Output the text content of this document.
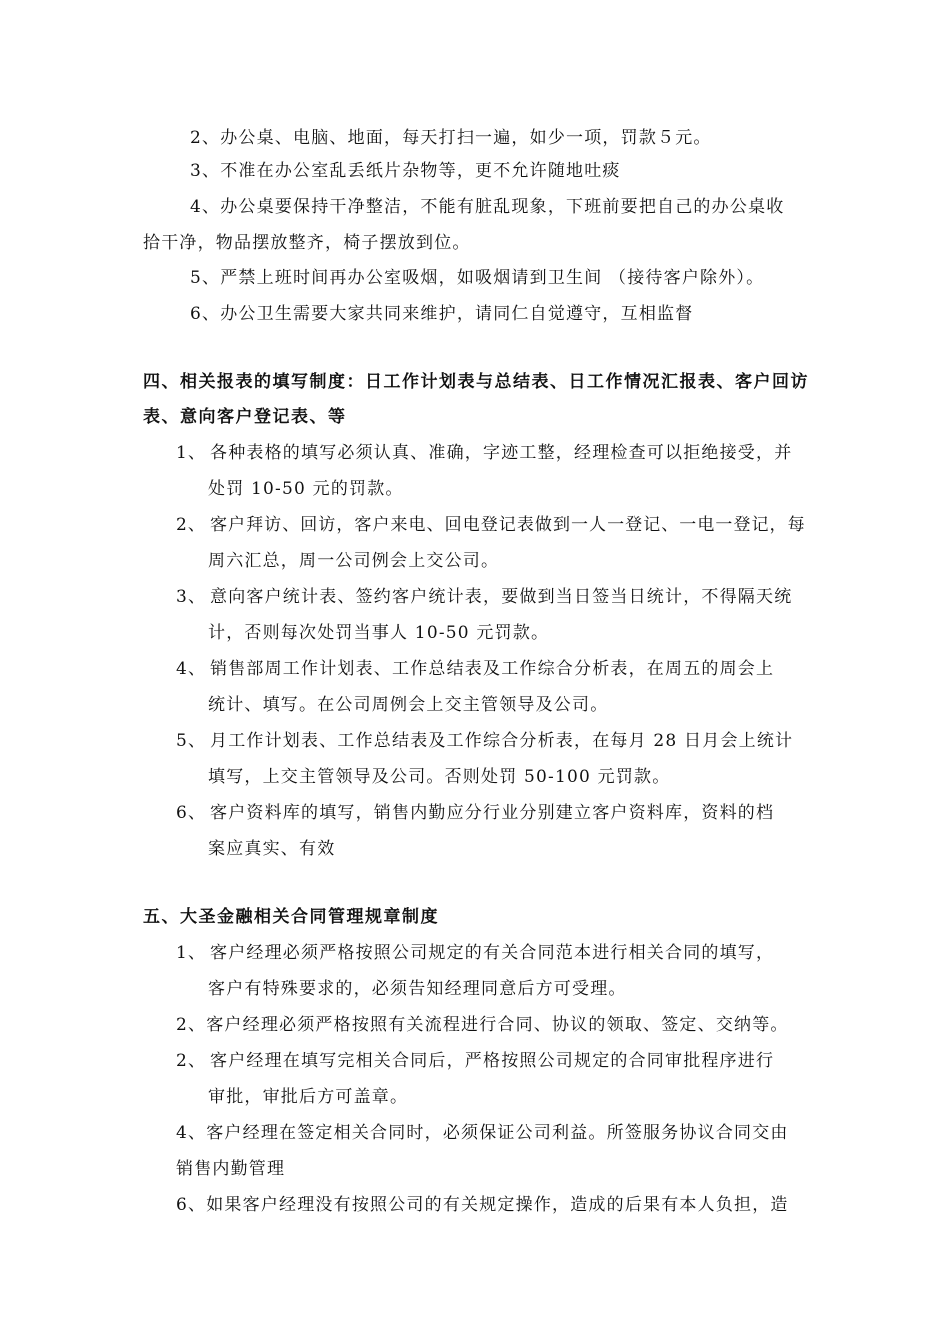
2、办公桌、电脑、地面，每天打扫一遍，如少一项，罚款５元。
3、不准在办公室乱丢纸片杂物等，更不允许随地吐痰
4、办公桌要保持干净整洁，不能有脏乱现象，下班前要把自己的办公桌收
拾干净，物品摆放整齐，椅子摆放到位。
5、严禁上班时间再办公室吸烟，如吸烟请到卫生间 （接待客户除外）。
6、办公卫生需要大家共同来维护，请同仁自觉遵守，互相监督
四、相关报表的填写制度：日工作计划表与总结表、日工作情况汇报表、客户回访
表、意向客户登记表、等
1、 各种表格的填写必须认真、准确，字迹工整，经理检查可以拒绝接受，并
处罚 10-50 元的罚款。
2、 客户拜访、回访，客户来电、回电登记表做到一人一登记、一电一登记，每
周六汇总，周一公司例会上交公司。
3、 意向客户统计表、签约客户统计表，要做到当日签当日统计，不得隔天统
计，否则每次处罚当事人 10-50 元罚款。
4、 销售部周工作计划表、工作总结表及工作综合分析表，在周五的周会上
统计、填写。在公司周例会上交主管领导及公司。
5、 月工作计划表、工作总结表及工作综合分析表，在每月 28 日月会上统计
填写，上交主管领导及公司。否则处罚 50-100 元罚款。
6、 客户资料库的填写，销售内勤应分行业分别建立客户资料库，资料的档
案应真实、有效
五、大圣金融相关合同管理规章制度
1、 客户经理必须严格按照公司规定的有关合同范本进行相关合同的填写，
客户有特殊要求的，必须告知经理同意后方可受理。
2、客户经理必须严格按照有关流程进行合同、协议的领取、签定、交纳等。
2、 客户经理在填写完相关合同后，严格按照公司规定的合同审批程序进行
审批，审批后方可盖章。
4、客户经理在签定相关合同时，必须保证公司利益。所签服务协议合同交由
销售内勤管理
6、如果客户经理没有按照公司的有关规定操作，造成的后果有本人负担，造
